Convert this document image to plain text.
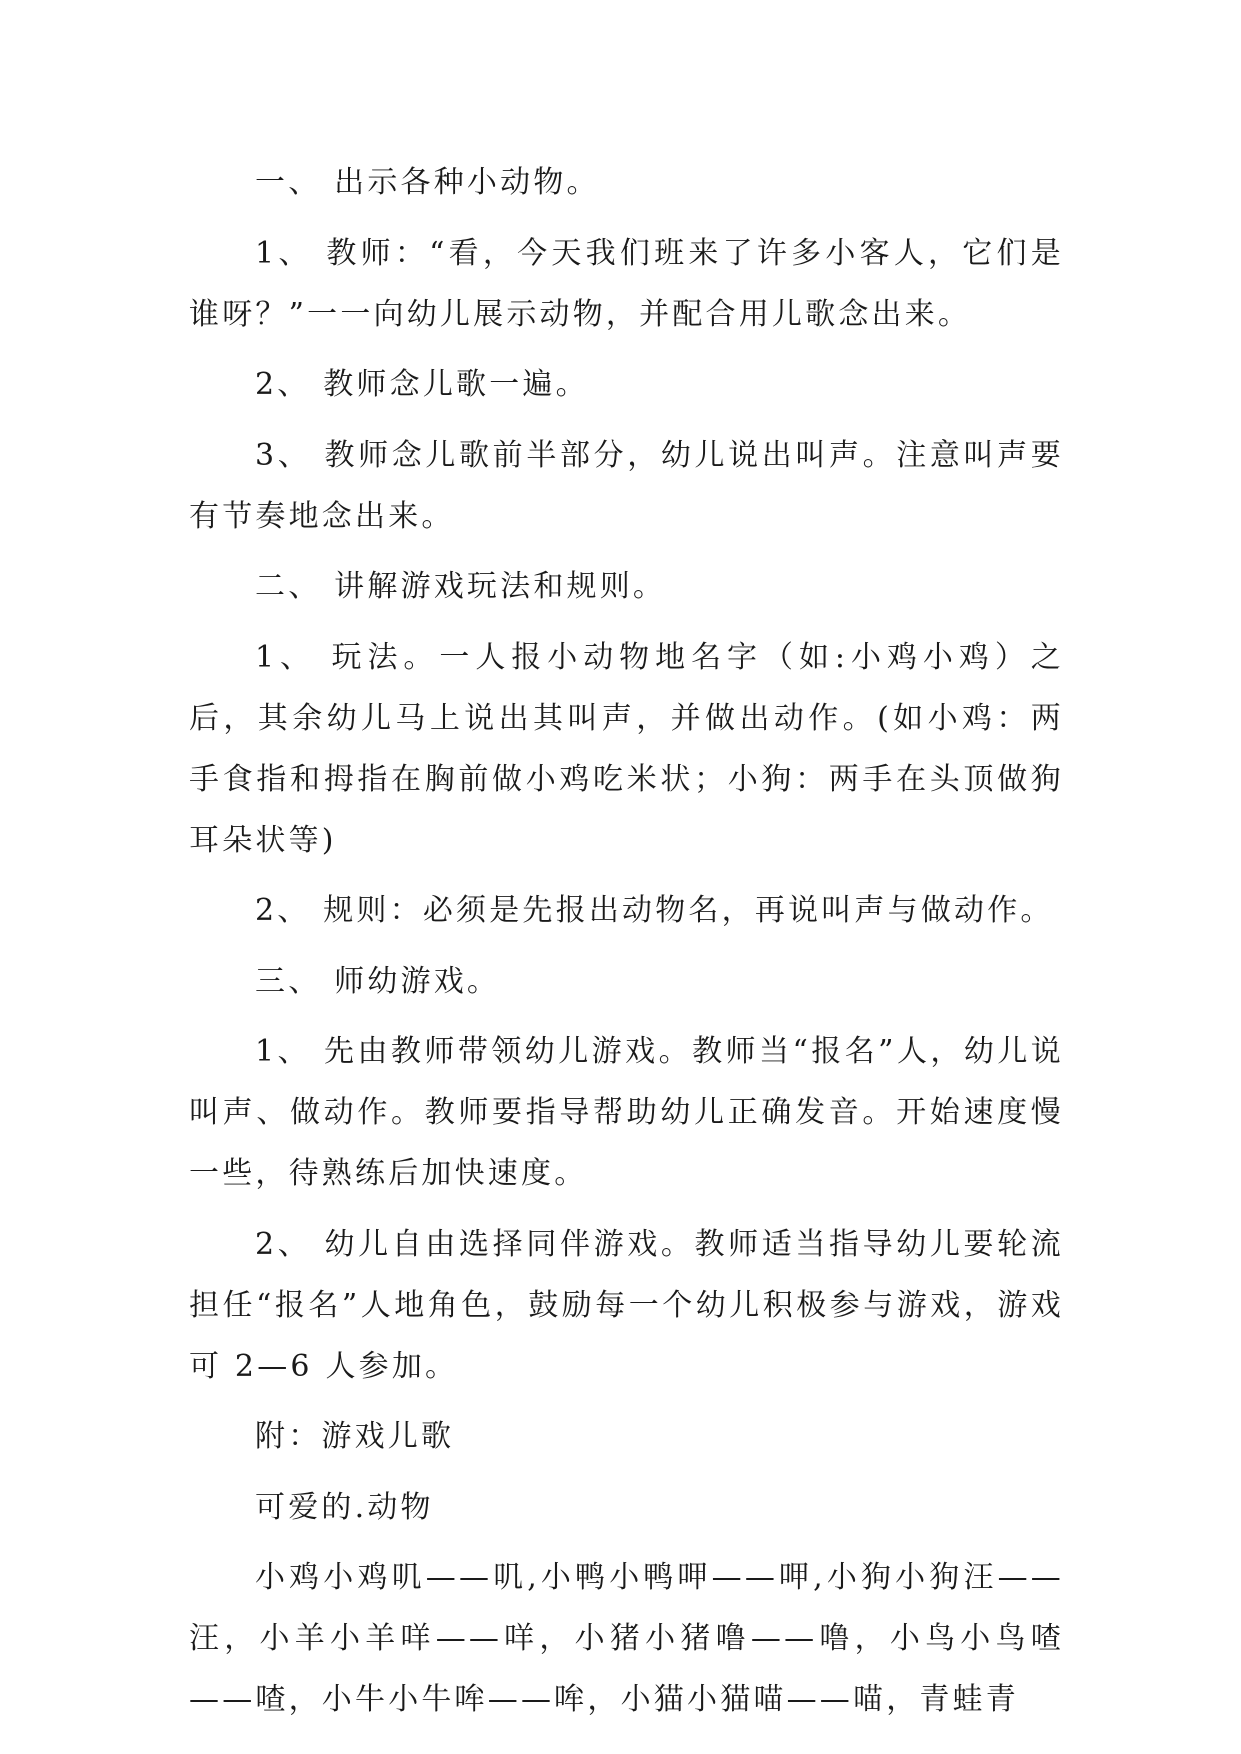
一、 出示各种小动物。

1、 教师：“看，今天我们班来了许多小客人，它们是谁呀？”一一向幼儿展示动物，并配合用儿歌念出来。

2、 教师念儿歌一遍。

3、 教师念儿歌前半部分，幼儿说出叫声。注意叫声要有节奏地念出来。

二、 讲解游戏玩法和规则。

1、 玩法。一人报小动物地名字（如:小鸡小鸡）之后，其余幼儿马上说出其叫声，并做出动作。(如小鸡：两手食指和拇指在胸前做小鸡吃米状；小狗：两手在头顶做狗耳朵状等)

2、 规则：必须是先报出动物名，再说叫声与做动作。

三、 师幼游戏。

1、 先由教师带领幼儿游戏。教师当“报名”人，幼儿说叫声、做动作。教师要指导帮助幼儿正确发音。开始速度慢一些，待熟练后加快速度。

2、 幼儿自由选择同伴游戏。教师适当指导幼儿要轮流担任“报名”人地角色，鼓励每一个幼儿积极参与游戏，游戏可 2—6 人参加。

附：游戏儿歌

可爱的.动物

小鸡小鸡叽——叽,小鸭小鸭呷——呷,小狗小狗汪——汪，小羊小羊咩——咩，小猪小猪噜——噜，小鸟小鸟喳——喳，小牛小牛哞——哞，小猫小猫喵——喵，青蛙青
